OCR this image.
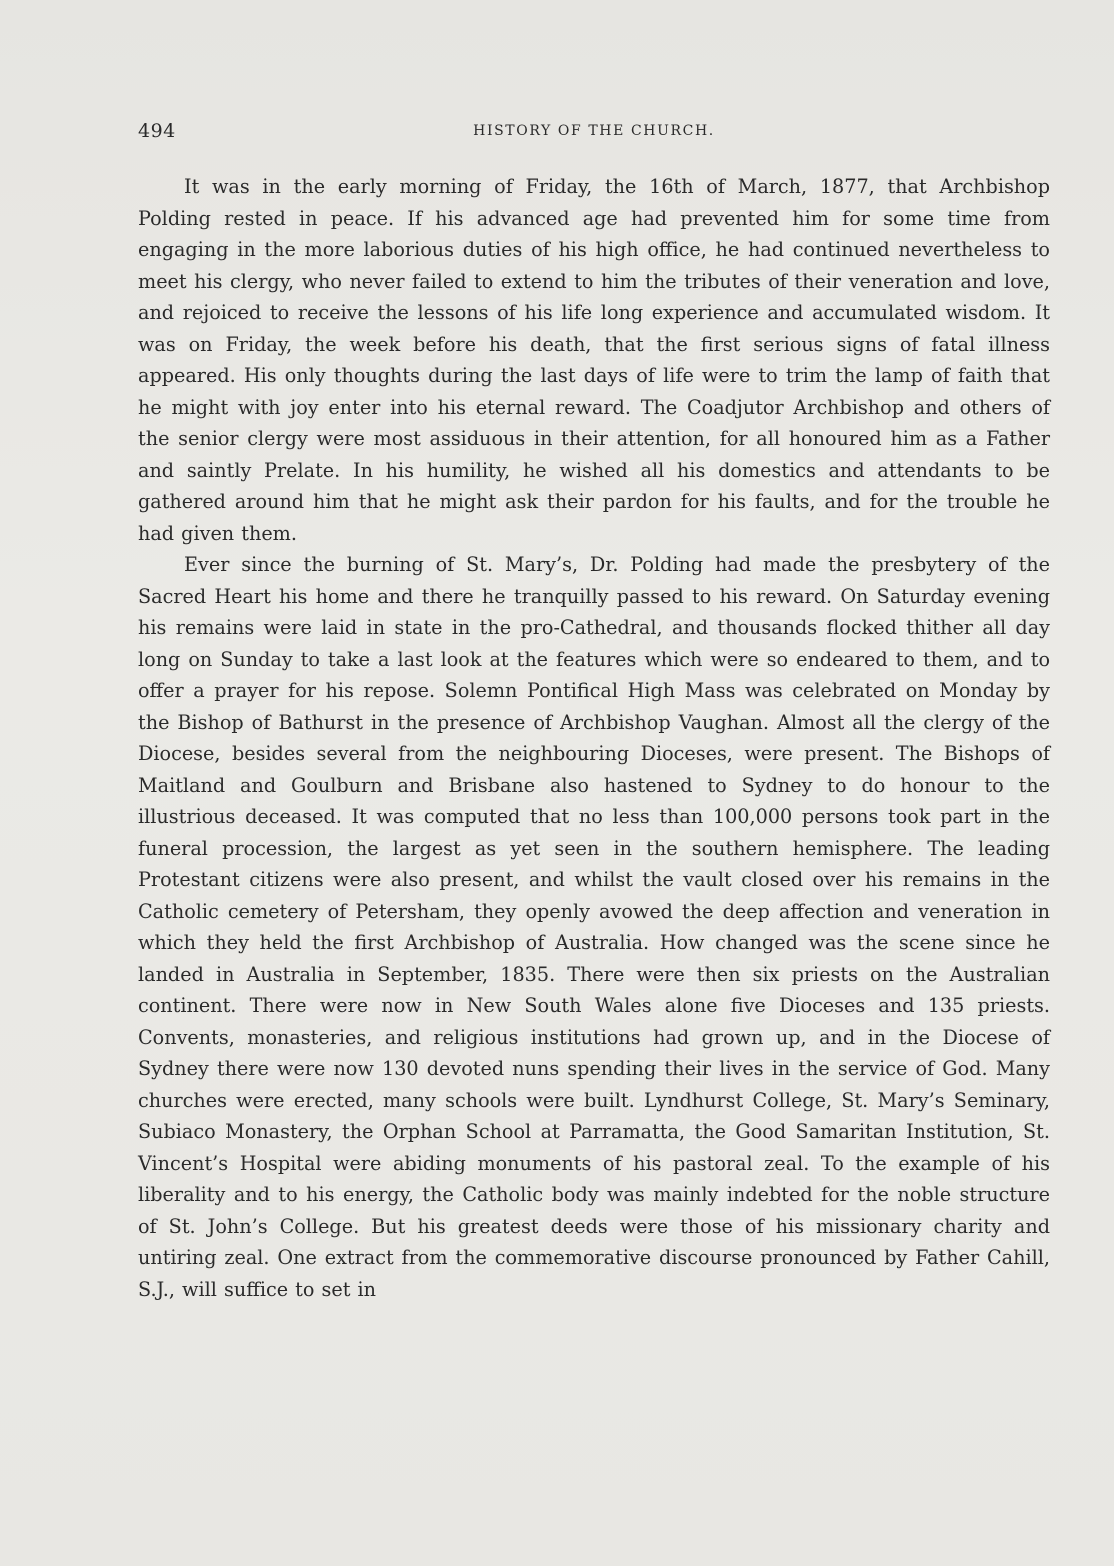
494	HISTORY OF THE CHURCH.

It was in the early morning of Friday, the 16th of March, 1877, that Archbishop Polding rested in peace. If his advanced age had prevented him for some time from engaging in the more laborious duties of his high office, he had continued nevertheless to meet his clergy, who never failed to extend to him the tributes of their veneration and love, and rejoiced to receive the lessons of his life long experience and accumulated wisdom. It was on Friday, the week before his death, that the first serious signs of fatal illness appeared. His only thoughts during the last days of life were to trim the lamp of faith that he might with joy enter into his eternal reward. The Coadjutor Archbishop and others of the senior clergy were most assiduous in their attention, for all honoured him as a Father and saintly Prelate. In his humility, he wished all his domestics and attendants to be gathered around him that he might ask their pardon for his faults, and for the trouble he had given them.

Ever since the burning of St. Mary’s, Dr. Polding had made the presbytery of the Sacred Heart his home and there he tranquilly passed to his reward. On Saturday evening his remains were laid in state in the pro-Cathedral, and thousands flocked thither all day long on Sunday to take a last look at the features which were so endeared to them, and to offer a prayer for his repose. Solemn Pontifical High Mass was celebrated on Monday by the Bishop of Bathurst in the presence of Archbishop Vaughan. Almost all the clergy of the Diocese, besides several from the neighbouring Dioceses, were present. The Bishops of Maitland and Goulburn and Brisbane also hastened to Sydney to do honour to the illustrious deceased. It was computed that no less than 100,000 persons took part in the funeral procession, the largest as yet seen in the southern hemisphere. The leading Protestant citizens were also present, and whilst the vault closed over his remains in the Catholic cemetery of Petersham, they openly avowed the deep affection and veneration in which they held the first Archbishop of Australia. How changed was the scene since he landed in Australia in September, 1835. There were then six priests on the Australian continent. There were now in New South Wales alone five Dioceses and 135 priests. Convents, monasteries, and religious institutions had grown up, and in the Diocese of Sydney there were now 130 devoted nuns spending their lives in the service of God. Many churches were erected, many schools were built. Lyndhurst College, St. Mary’s Seminary, Subiaco Monastery, the Orphan School at Parramatta, the Good Samaritan Institution, St. Vincent’s Hospital were abiding monuments of his pastoral zeal. To the example of his liberality and to his energy, the Catholic body was mainly indebted for the noble structure of St. John’s College. But his greatest deeds were those of his missionary charity and untiring zeal. One extract from the commemorative discourse pronounced by Father Cahill, S.J., will suffice to set in
